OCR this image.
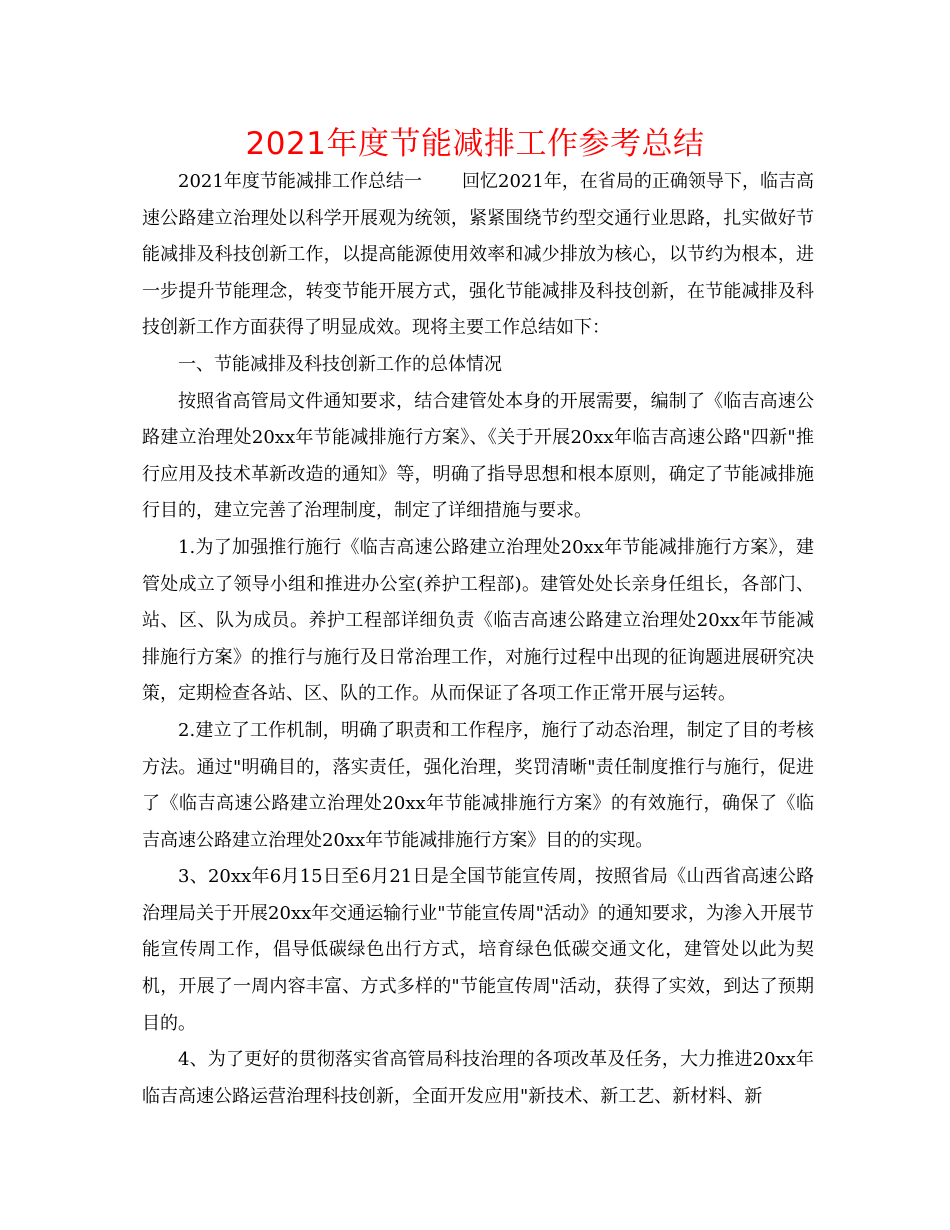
2021年度节能减排工作参考总结

2021年度节能减排工作总结一 回忆2021年，在省局的正确领导下，临吉高速公路建立治理处以科学开展观为统领，紧紧围绕节约型交通行业思路，扎实做好节能减排及科技创新工作，以提高能源使用效率和减少排放为核心，以节约为根本，进一步提升节能理念，转变节能开展方式，强化节能减排及科技创新，在节能减排及科技创新工作方面获得了明显成效。现将主要工作总结如下：

一、节能减排及科技创新工作的总体情况

按照省高管局文件通知要求，结合建管处本身的开展需要，编制了《临吉高速公路建立治理处20xx年节能减排施行方案》、《关于开展20xx年临吉高速公路"四新"推行应用及技术革新改造的通知》等，明确了指导思想和根本原则，确定了节能减排施行目的，建立完善了治理制度，制定了详细措施与要求。

1.为了加强推行施行《临吉高速公路建立治理处20xx年节能减排施行方案》，建管处成立了领导小组和推进办公室(养护工程部)。建管处处长亲身任组长，各部门、站、区、队为成员。养护工程部详细负责《临吉高速公路建立治理处20xx年节能减排施行方案》的推行与施行及日常治理工作，对施行过程中出现的征询题进展研究决策，定期检查各站、区、队的工作。从而保证了各项工作正常开展与运转。

2.建立了工作机制，明确了职责和工作程序，施行了动态治理，制定了目的考核方法。通过"明确目的，落实责任，强化治理，奖罚清晰"责任制度推行与施行，促进了《临吉高速公路建立治理处20xx年节能减排施行方案》的有效施行，确保了《临吉高速公路建立治理处20xx年节能减排施行方案》目的的实现。

3、20xx年6月15日至6月21日是全国节能宣传周，按照省局《山西省高速公路治理局关于开展20xx年交通运输行业"节能宣传周"活动》的通知要求，为渗入开展节能宣传周工作，倡导低碳绿色出行方式，培育绿色低碳交通文化，建管处以此为契机，开展了一周内容丰富、方式多样的"节能宣传周"活动，获得了实效，到达了预期目的。

4、为了更好的贯彻落实省高管局科技治理的各项改革及任务，大力推进20xx年临吉高速公路运营治理科技创新，全面开发应用"新技术、新工艺、新材料、新
